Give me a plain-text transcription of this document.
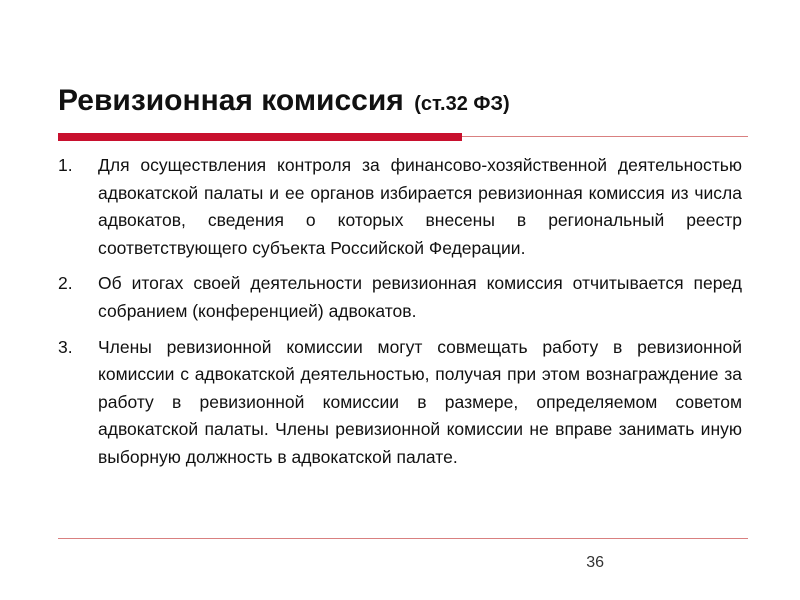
Ревизионная комиссия (ст.32 ФЗ)
1.	Для осуществления контроля за финансово-хозяйственной деятельностью адвокатской палаты и ее органов избирается ревизионная комиссия из числа адвокатов, сведения о которых внесены в региональный реестр соответствующего субъекта Российской Федерации.
2.	Об итогах своей деятельности ревизионная комиссия отчитывается перед собранием (конференцией) адвокатов.
3.	Члены ревизионной комиссии могут совмещать работу в ревизионной комиссии с адвокатской деятельностью, получая при этом вознаграждение за работу в ревизионной комиссии в размере, определяемом советом адвокатской палаты. Члены ревизионной комиссии не вправе занимать иную выборную должность в адвокатской палате.
36
